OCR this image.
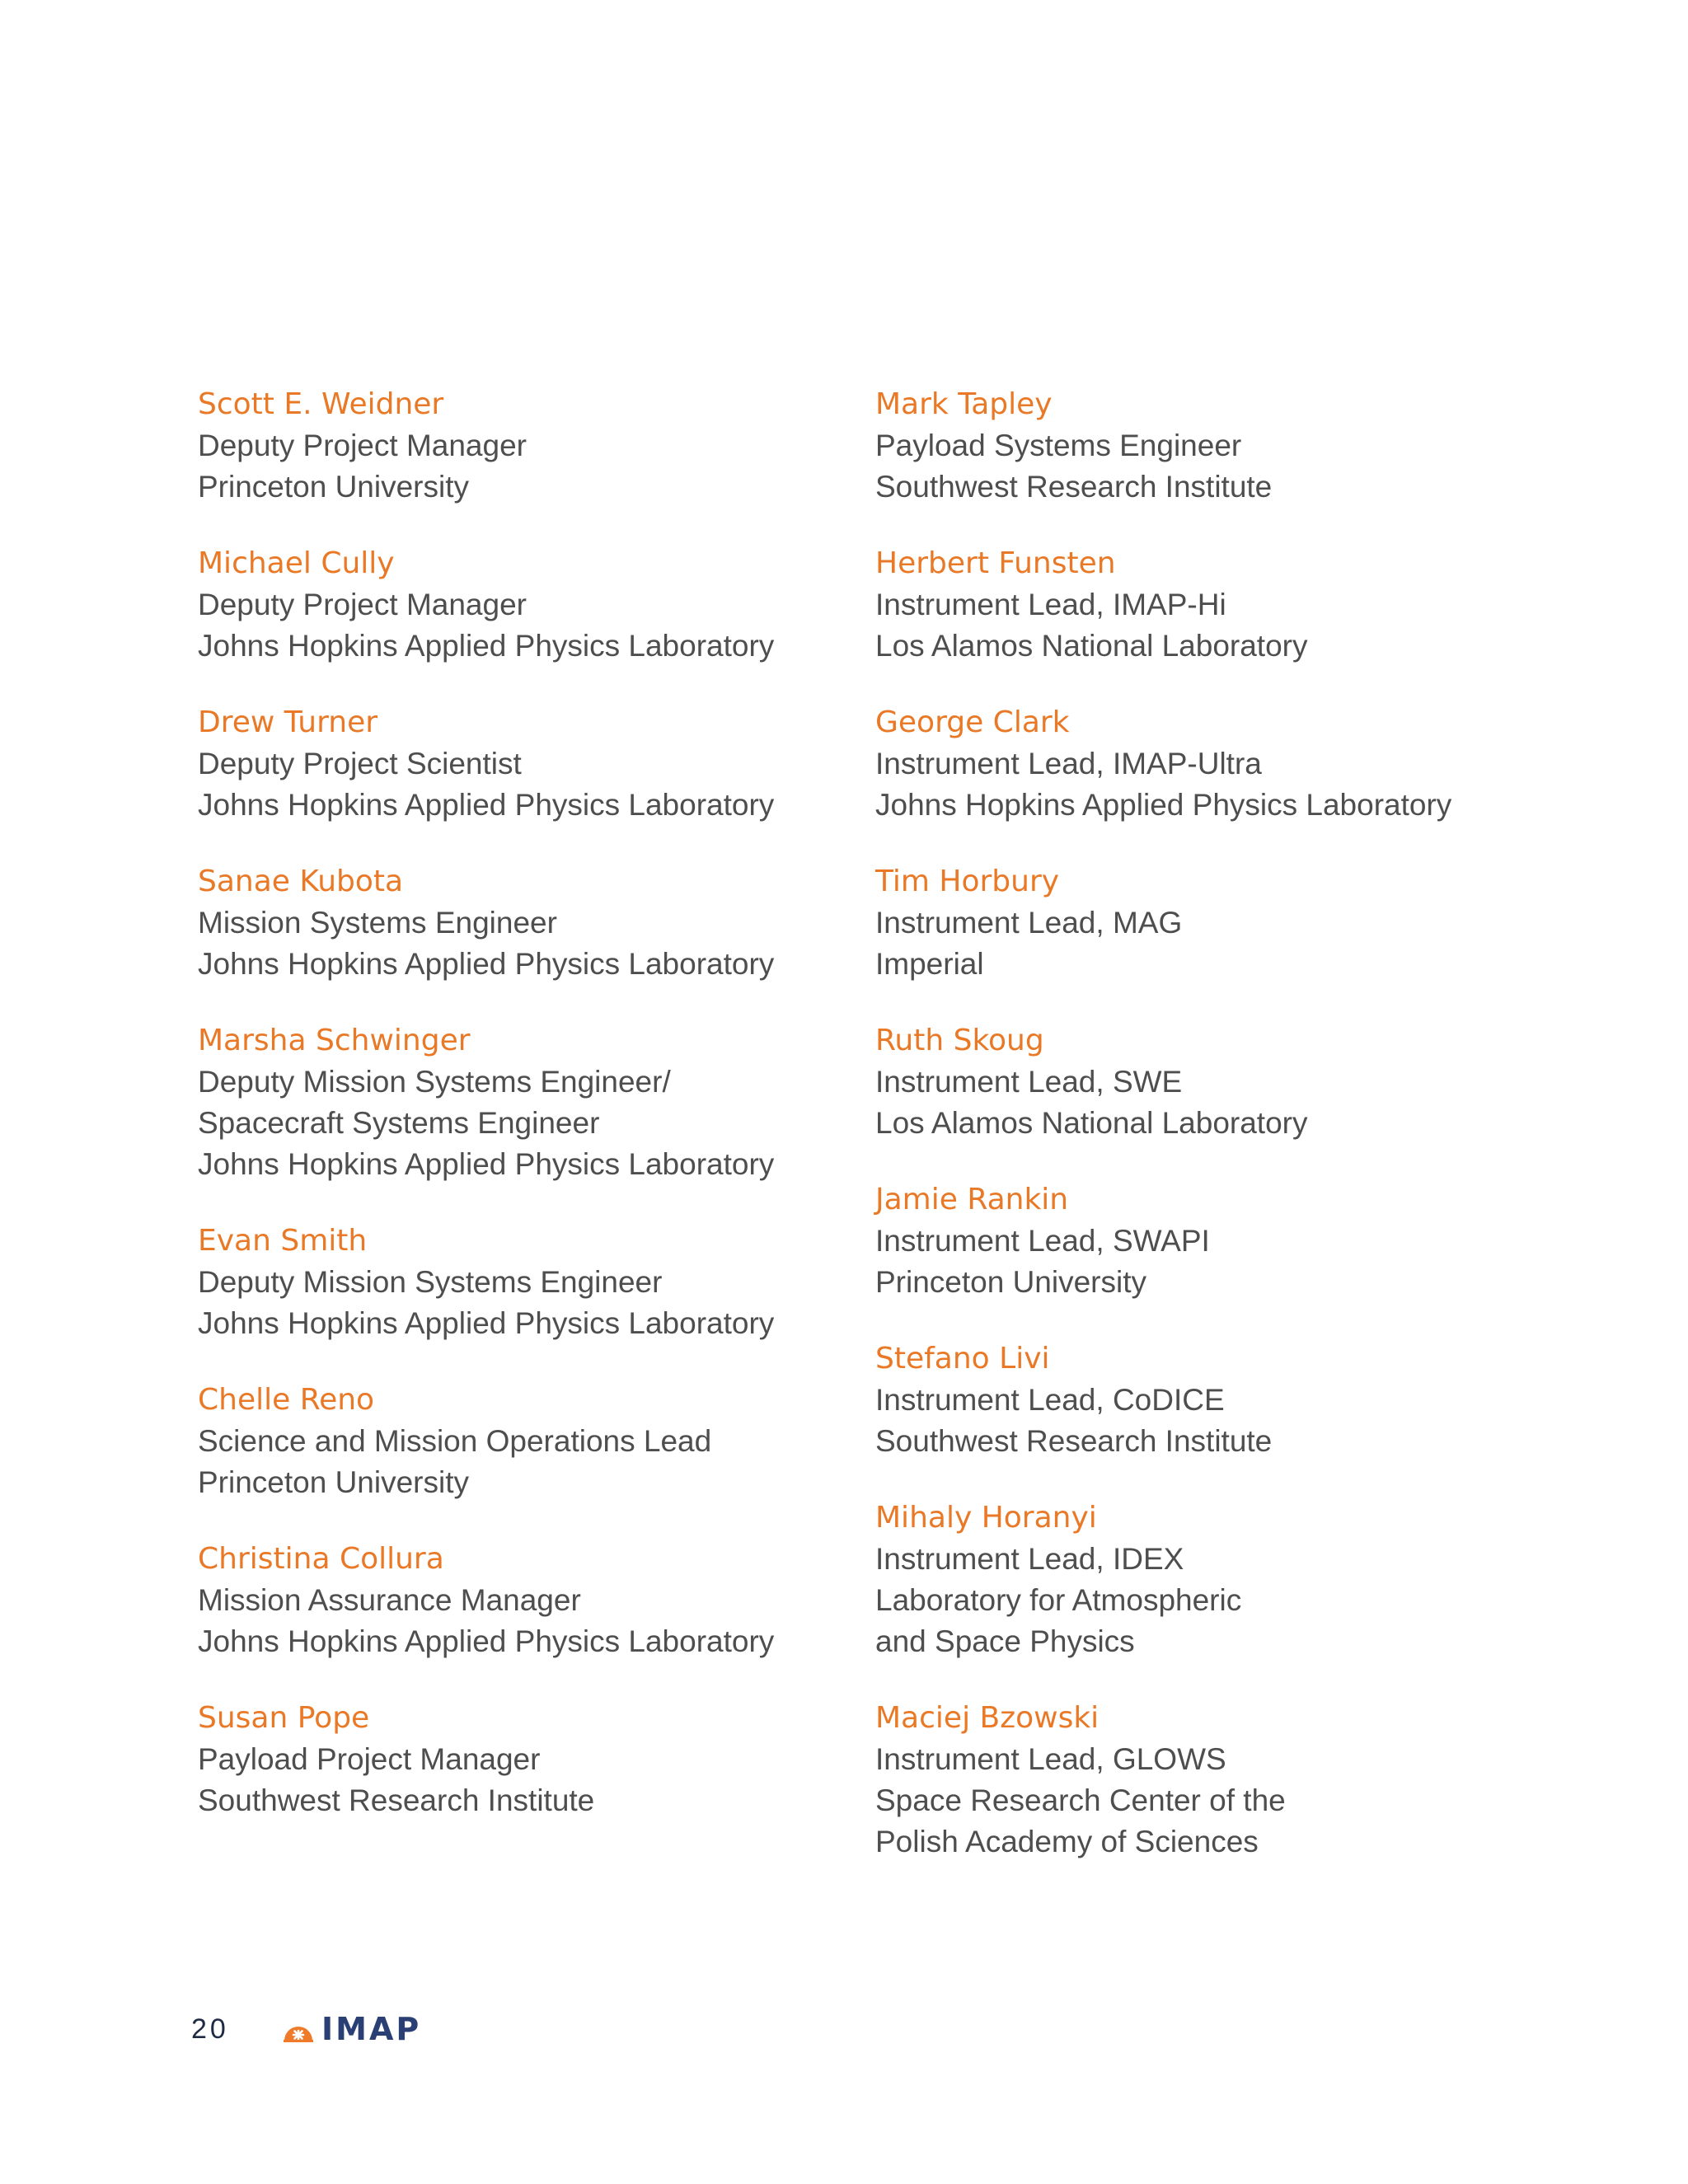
Scott E. Weidner
Deputy Project Manager
Princeton University
Michael Cully
Deputy Project Manager
Johns Hopkins Applied Physics Laboratory
Drew Turner
Deputy Project Scientist
Johns Hopkins Applied Physics Laboratory
Sanae Kubota
Mission Systems Engineer
Johns Hopkins Applied Physics Laboratory
Marsha Schwinger
Deputy Mission Systems Engineer/
Spacecraft Systems Engineer
Johns Hopkins Applied Physics Laboratory
Evan Smith
Deputy Mission Systems Engineer
Johns Hopkins Applied Physics Laboratory
Chelle Reno
Science and Mission Operations Lead
Princeton University
Christina Collura
Mission Assurance Manager
Johns Hopkins Applied Physics Laboratory
Susan Pope
Payload Project Manager
Southwest Research Institute
Mark Tapley
Payload Systems Engineer
Southwest Research Institute
Herbert Funsten
Instrument Lead, IMAP-Hi
Los Alamos National Laboratory
George Clark
Instrument Lead, IMAP-Ultra
Johns Hopkins Applied Physics Laboratory
Tim Horbury
Instrument Lead, MAG
Imperial
Ruth Skoug
Instrument Lead, SWE
Los Alamos National Laboratory
Jamie Rankin
Instrument Lead, SWAPI
Princeton University
Stefano Livi
Instrument Lead, CoDICE
Southwest Research Institute
Mihaly Horanyi
Instrument Lead, IDEX
Laboratory for Atmospheric
and Space Physics
Maciej Bzowski
Instrument Lead, GLOWS
Space Research Center of the
Polish Academy of Sciences
20	IMAP
